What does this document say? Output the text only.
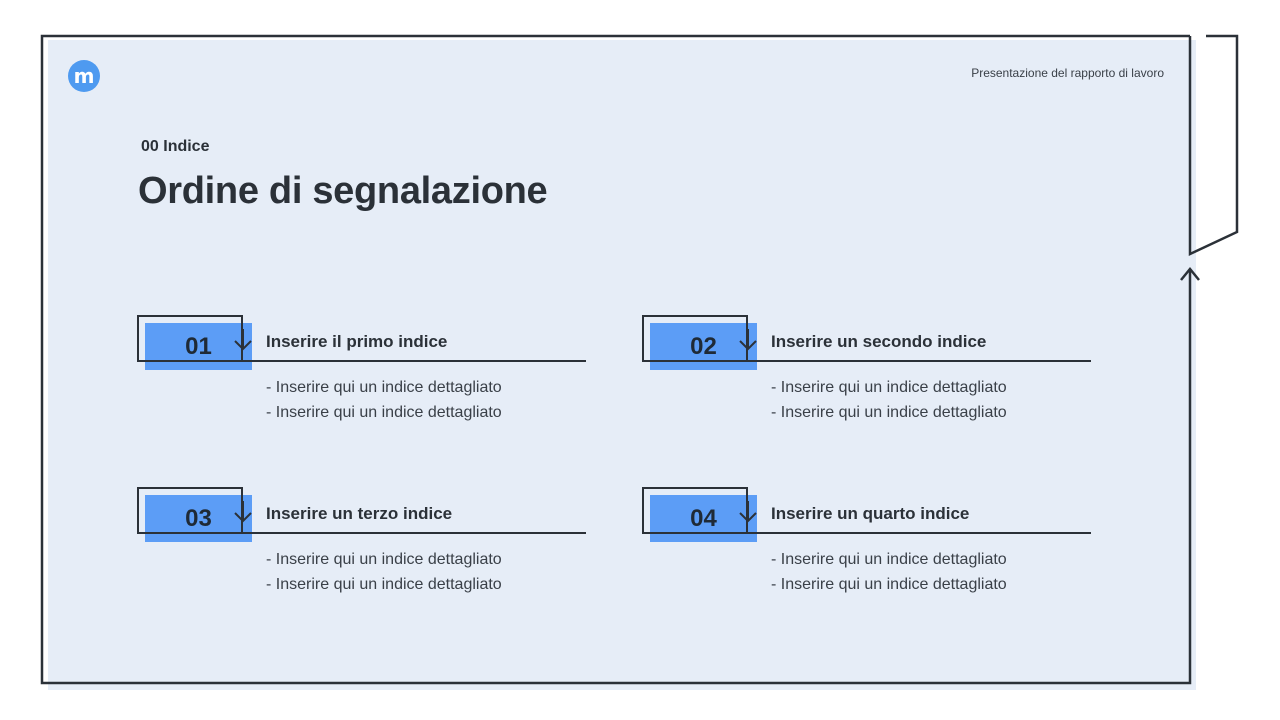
m	Presentazione del rapporto di lavoro
00 Indice
Ordine di segnalazione
01	Inserire il primo indice
- Inserire qui un indice dettagliato
- Inserire qui un indice dettagliato
02	Inserire un secondo indice
- Inserire qui un indice dettagliato
- Inserire qui un indice dettagliato
03	Inserire un terzo indice
- Inserire qui un indice dettagliato
- Inserire qui un indice dettagliato
04	Inserire un quarto indice
- Inserire qui un indice dettagliato
- Inserire qui un indice dettagliato
